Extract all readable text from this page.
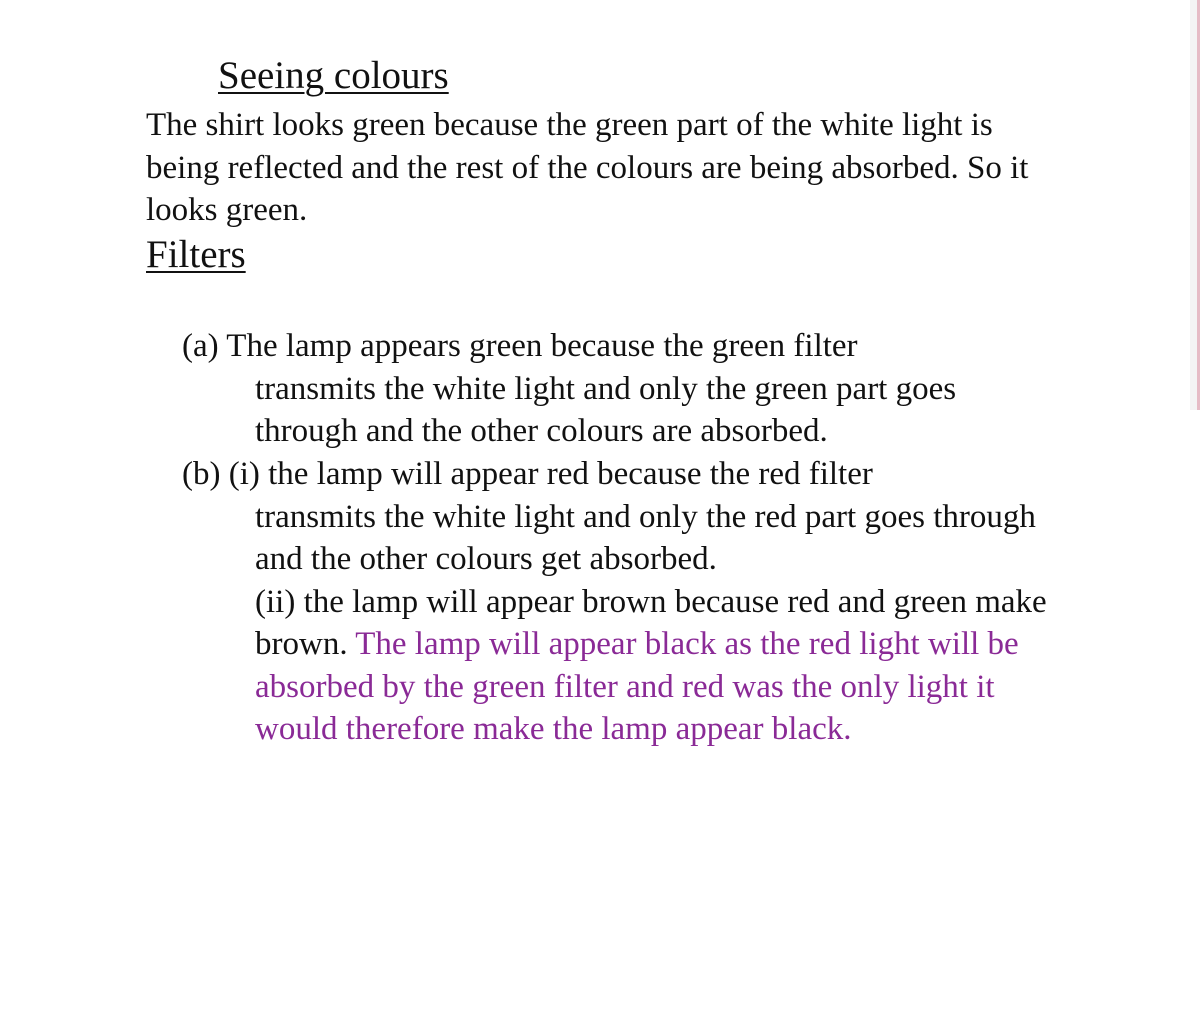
Seeing colours
The shirt looks green because the green part of the white light is being reflected and the rest of the colours are being absorbed. So it looks green.
Filters
(a) The lamp appears green because the green filter
transmits the white light and only the green part goes through and the other colours are absorbed.
(b) (i) the lamp will appear red because the red filter
transmits the white light and only the red part goes through and the other colours get absorbed.
(ii) the lamp will appear brown because red and green make brown. The lamp will appear black as the red light will be absorbed by the green filter and red was the only light it would therefore make the lamp appear black.
